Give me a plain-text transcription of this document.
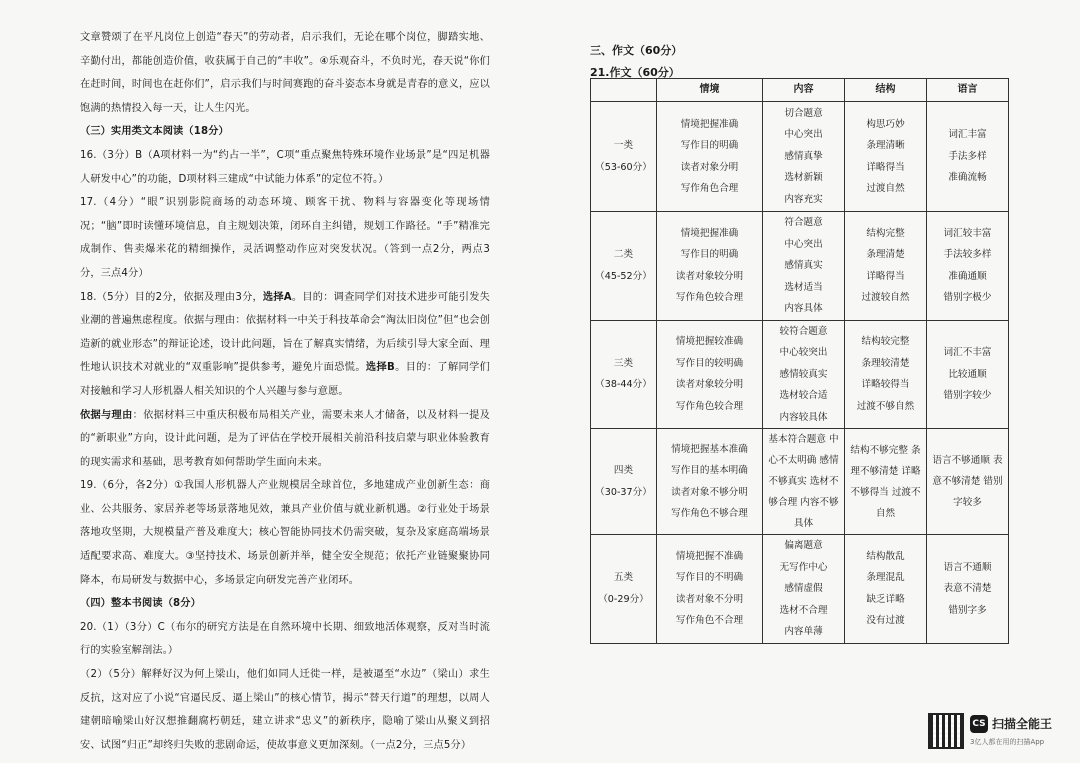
文章赞颂了在平凡岗位上创造“春天”的劳动者，启示我们，无论在哪个岗位，脚踏实地、辛勤付出，都能创造价值，收获属于自己的“丰收”。④乐观奋斗，不负时光，春天说“你们在赶时间，时间也在赶你们”，启示我们与时间赛跑的奋斗姿态本身就是青春的意义，应以饱满的热情投入每一天，让人生闪光。

（三）实用类文本阅读（18分）

16.（3分）B（A项材料一为“约占一半”，C项“重点聚焦特殊环境作业场景”是“四足机器人研发中心”的功能，D项材料三建成“中试能力体系”的定位不符。）

17.（4分）“眼”识别影院商场的动态环境、顾客干扰、物料与容器变化等现场情况；“脑”即时读懂环境信息，自主规划决策，闭环自主纠错，规划工作路径。“手”精准完成制作、售卖爆米花的精细操作，灵活调整动作应对突发状况。（答到一点2分，两点3分，三点4分）

18.（5分）目的2分，依据及理由3分，选择A。目的：调查同学们对技术进步可能引发失业潮的普遍焦虑程度。依据与理由：依据材料一中关于科技革命会“淘汰旧岗位”但“也会创造新的就业形态”的辩证论述，设计此问题，旨在了解真实情绪，为后续引导大家全面、理性地认识技术对就业的“双重影响”提供参考，避免片面恐慌。选择B。目的：了解同学们对接触和学习人形机器人相关知识的个人兴趣与参与意愿。

依据与理由：依据材料三中重庆积极布局相关产业，需要未来人才储备，以及材料一提及的“新职业”方向，设计此问题，是为了评估在学校开展相关前沿科技启蒙与职业体验教育的现实需求和基础，思考教育如何帮助学生面向未来。

19.（6分，各2分）①我国人形机器人产业规模居全球首位，多地建成产业创新生态：商业、公共服务、家居养老等场景落地见效，兼具产业价值与就业新机遇。②行业处于场景落地攻坚期，大规模量产普及难度大；核心智能协同技术仍需突破，复杂及家庭高端场景适配要求高、难度大。③坚持技术、场景创新并举，健全安全规范；依托产业链聚聚协同降本，布局研发与数据中心，多场景定向研发完善产业闭环。

（四）整本书阅读（8分）

20.（1）（3分）C（布尔的研究方法是在自然环境中长期、细致地活体观察，反对当时流行的实验室解剖法。）

（2）（5分）解释好汉为何上梁山，他们如同人迁徙一样，是被逼至“水边”（梁山）求生反抗，这对应了小说“官逼民反、逼上梁山”的核心情节，揭示“替天行道”的理想，以周人建朝暗喻梁山好汉想推翻腐朽朝廷，建立讲求“忠义”的新秩序，隐喻了梁山从聚义到招安、试图“归正”却终归失败的悲剧命运，使故事意义更加深刻。（一点2分，三点5分）

三、作文（60分）
21.作文（60分）
	情境	内容	结构	语言

一类
（53-60分）	情境把握准确
写作目的明确
读者对象分明
写作角色合理	切合题意
中心突出
感情真挚
选材新颖
内容充实	构思巧妙
条理清晰
详略得当
过渡自然	词汇丰富
手法多样
准确流畅

二类
（45-52分）	情境把握准确
写作目的明确
读者对象较分明
写作角色较合理	符合题意
中心突出
感情真实
选材适当
内容具体	结构完整
条理清楚
详略得当
过渡较自然	词汇较丰富
手法较多样
准确通顺
错别字极少

三类
（38-44分）	情境把握较准确
写作目的较明确
读者对象较分明
写作角色较合理	较符合题意
中心较突出
感情较真实
选材较合适
内容较具体	结构较完整
条理较清楚
详略较得当
过渡不够自然	词汇不丰富
比较通顺
错别字较少

四类
（30-37分）	情境把握基本准确
写作目的基本明确
读者对象不够分明
写作角色不够合理	基本符合题意 中心不太明确 感情不够真实 选材不够合理 内容不够具体	结构不够完整 条理不够清楚 详略不够得当 过渡不自然	语言不够通顺 表意不够清楚 错别字较多

五类
（0-29分）	情境把握不准确
写作目的不明确
读者对象不分明
写作角色不合理	偏离题意
无写作中心
感情虚假
选材不合理
内容单薄	结构散乱
条理混乱
缺乏详略
没有过渡	语言不通顺
表意不清楚
错别字多
CS 扫描全能王
3亿人都在用的扫描App
